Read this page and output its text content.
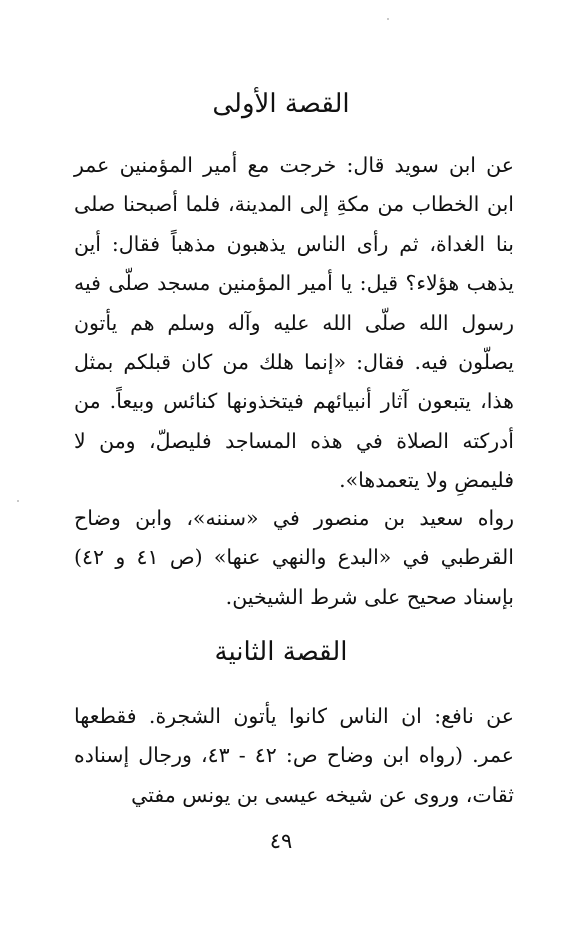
القصة الأولى

عن ابن سويد قال: خرجت مع أمير المؤمنين عمر ابن الخطاب من مكةِ إلى المدينة، فلما أصبحنا صلى بنا الغداة، ثم رأى الناس يذهبون مذهباً فقال: أين يذهب هؤلاء؟ قيل: يا أمير المؤمنين مسجد صلّى فيه رسول الله صلّى الله عليه وآله وسلم هم يأتون يصلّون فيه. فقال: «إنما هلك من كان قبلكم بمثل هذا، يتبعون آثار أنبيائهم فيتخذونها كنائس وبيعاً. من أدركته الصلاة في هذه المساجد فليصلّ، ومن لا فليمضِ ولا يتعمدها».

رواه سعيد بن منصور في «سننه»، وابن وضاح القرطبي في «البدع والنهي عنها» (ص ٤١ و ٤٢) بإسناد صحيح على شرط الشيخين.

القصة الثانية

عن نافع: ان الناس كانوا يأتون الشجرة. فقطعها عمر. (رواه ابن وضاح ص: ٤٢ - ٤٣، ورجال إسناده ثقات، وروى عن شيخه عيسى بن يونس مفتي

٤٩
